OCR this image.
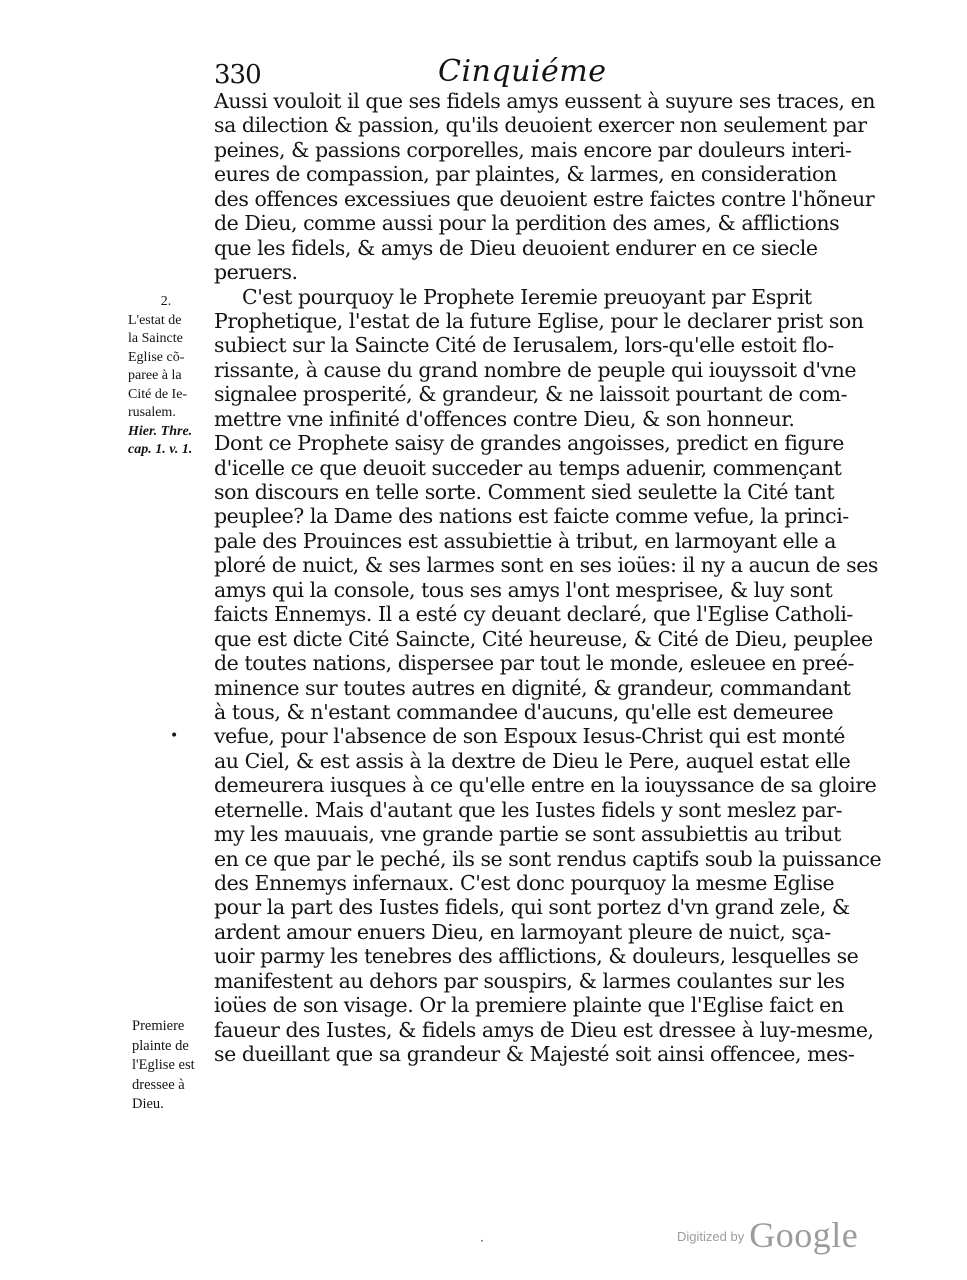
330	Cinquiéme
Aussi vouloit il que ses fidels amys eussent à suyure ses traces, en
sa dilection & passion, qu'ils deuoient exercer non seulement par
peines, & passions corporelles, mais encore par douleurs interi-
eures de compassion, par plaintes, & larmes, en consideration
des offences excessiues que deuoient estre faictes contre l'hõneur
de Dieu, comme aussi pour la perdition des ames, & afflictions
que les fidels, & amys de Dieu deuoient endurer en ce siecle
peruers.
C'est pourquoy le Prophete Ieremie preuoyant par Esprit
Prophetique, l'estat de la future Eglise, pour le declarer prist son
subiect sur la Saincte Cité de Ierusalem, lors-qu'elle estoit flo-
rissante, à cause du grand nombre de peuple qui iouyssoit d'vne
signalee prosperité, & grandeur, & ne laissoit pourtant de com-
mettre vne infinité d'offences contre Dieu, & son honneur.
Dont ce Prophete saisy de grandes angoisses, predict en figure
d'icelle ce que deuoit succeder au temps aduenir, commençant
son discours en telle sorte. Comment sied seulette la Cité tant
peuplee? la Dame des nations est faicte comme vefue, la princi-
pale des Prouinces est assubiettie à tribut, en larmoyant elle a
ploré de nuict, & ses larmes sont en ses ioües: il ny a aucun de ses
amys qui la console, tous ses amys l'ont mesprisee, & luy sont
faicts Ennemys. Il a esté cy deuant declaré, que l'Eglise Catholi-
que est dicte Cité Saincte, Cité heureuse, & Cité de Dieu, peuplee
de toutes nations, dispersee par tout le monde, esleuee en preé-
minence sur toutes autres en dignité, & grandeur, commandant
à tous, & n'estant commandee d'aucuns, qu'elle est demeuree
vefue, pour l'absence de son Espoux Iesus-Christ qui est monté
au Ciel, & est assis à la dextre de Dieu le Pere, auquel estat elle
demeurera iusques à ce qu'elle entre en la iouyssance de sa gloire
eternelle. Mais d'autant que les Iustes fidels y sont meslez par-
my les mauuais, vne grande partie se sont assubiettis au tribut
en ce que par le peché, ils se sont rendus captifs soub la puissance
des Ennemys infernaux. C'est donc pourquoy la mesme Eglise
pour la part des Iustes fidels, qui sont portez d'vn grand zele, &
ardent amour enuers Dieu, en larmoyant pleure de nuict, sça-
uoir parmy les tenebres des afflictions, & douleurs, lesquelles se
manifestent au dehors par souspirs, & larmes coulantes sur les
ioües de son visage. Or la premiere plainte que l'Eglise faict en
faueur des Iustes, & fidels amys de Dieu est dressee à luy-mesme,
se dueillant que sa grandeur & Majesté soit ainsi offencee, mes-
2.
L'estat de
la Saincte
Eglise cõ-
paree à la
Cité de Ie-
rusalem.
Hier. Thre.
cap. 1. v. 1.
•
Premiere
plainte de
l'Eglise est
dressee à
Dieu.
·	$^{Digitized by}$ Google
